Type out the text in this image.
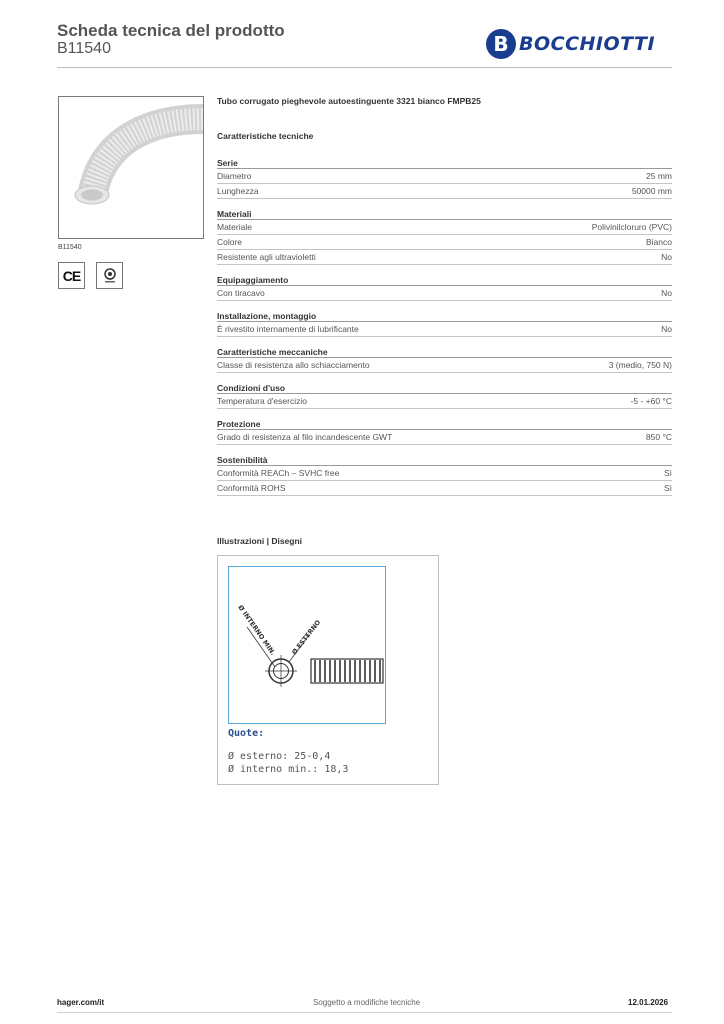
Scheda tecnica del prodotto
B11540	B BOCCHIOTTI
B11540
CE
Tubo corrugato pieghevole autoestinguente 3321 bianco FMPB25
Caratteristiche tecniche
Serie
Diametro	25 mm
Lunghezza	50000 mm
Materiali
Materiale	Polivinilcloruro (PVC)
Colore	Bianco
Resistente agli ultravioletti	No
Equipaggiamento
Con tiracavo	No
Installazione, montaggio
È rivestito internamente di lubrificante	No
Caratteristiche meccaniche
Classe di resistenza allo schiacciamento	3 (medio, 750 N)
Condizioni d'uso
Temperatura d'esercizio	-5 - +60 °C
Protezione
Grado di resistenza al filo incandescente GWT	850 °C
Sostenibilità
Conformità REACh – SVHC free	Sì
Conformità ROHS	Sì
Illustrazioni | Disegni
Ø INTERNO MIN. Ø ESTERNO
Quote:
Ø esterno: 25-0,4
Ø interno min.: 18,3
hager.com/it	Soggetto a modifiche tecniche	12.01.2026
